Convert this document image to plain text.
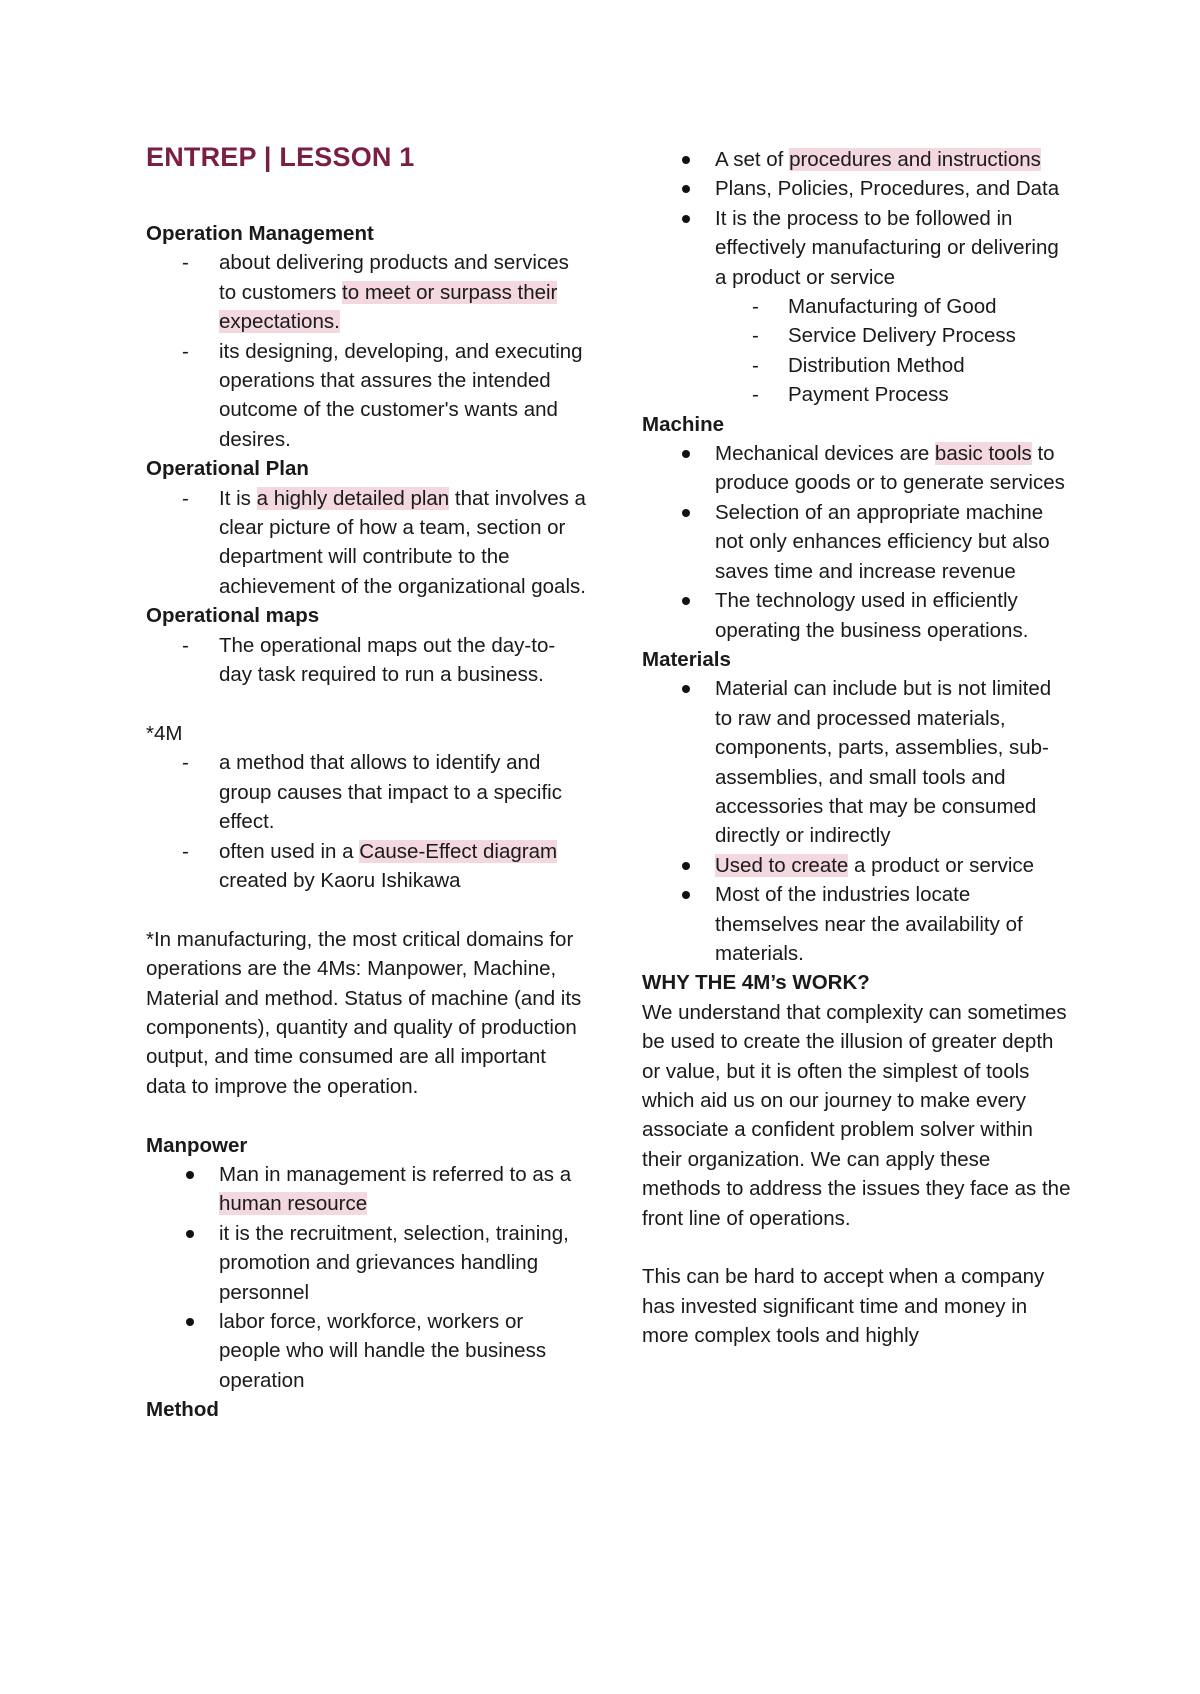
ENTREP | LESSON 1
Operation Management
- about delivering products and services to customers to meet or surpass their expectations.
- its designing, developing, and executing operations that assures the intended outcome of the customer's wants and desires.
Operational Plan
- It is a highly detailed plan that involves a clear picture of how a team, section or department will contribute to the achievement of the organizational goals.
Operational maps
- The operational maps out the day-to-day task required to run a business.
*4M
- a method that allows to identify and group causes that impact to a specific effect.
- often used in a Cause-Effect diagram created by Kaoru Ishikawa
*In manufacturing, the most critical domains for operations are the 4Ms: Manpower, Machine, Material and method. Status of machine (and its components), quantity and quality of production output, and time consumed are all important data to improve the operation.
Manpower
Man in management is referred to as a human resource
it is the recruitment, selection, training, promotion and grievances handling personnel
labor force, workforce, workers or people who will handle the business operation
Method
A set of procedures and instructions
Plans, Policies, Procedures, and Data
It is the process to be followed in effectively manufacturing or delivering a product or service
- Manufacturing of Good
- Service Delivery Process
- Distribution Method
- Payment Process
Machine
Mechanical devices are basic tools to produce goods or to generate services
Selection of an appropriate machine not only enhances efficiency but also saves time and increase revenue
The technology used in efficiently operating the business operations.
Materials
Material can include but is not limited to raw and processed materials, components, parts, assemblies, sub- assemblies, and small tools and accessories that may be consumed directly or indirectly
Used to create a product or service
Most of the industries locate themselves near the availability of materials.
WHY THE 4M’s WORK?
We understand that complexity can sometimes be used to create the illusion of greater depth or value, but it is often the simplest of tools which aid us on our journey to make every associate a confident problem solver within their organization. We can apply these methods to address the issues they face as the front line of operations.
This can be hard to accept when a company has invested significant time and money in more complex tools and highly
